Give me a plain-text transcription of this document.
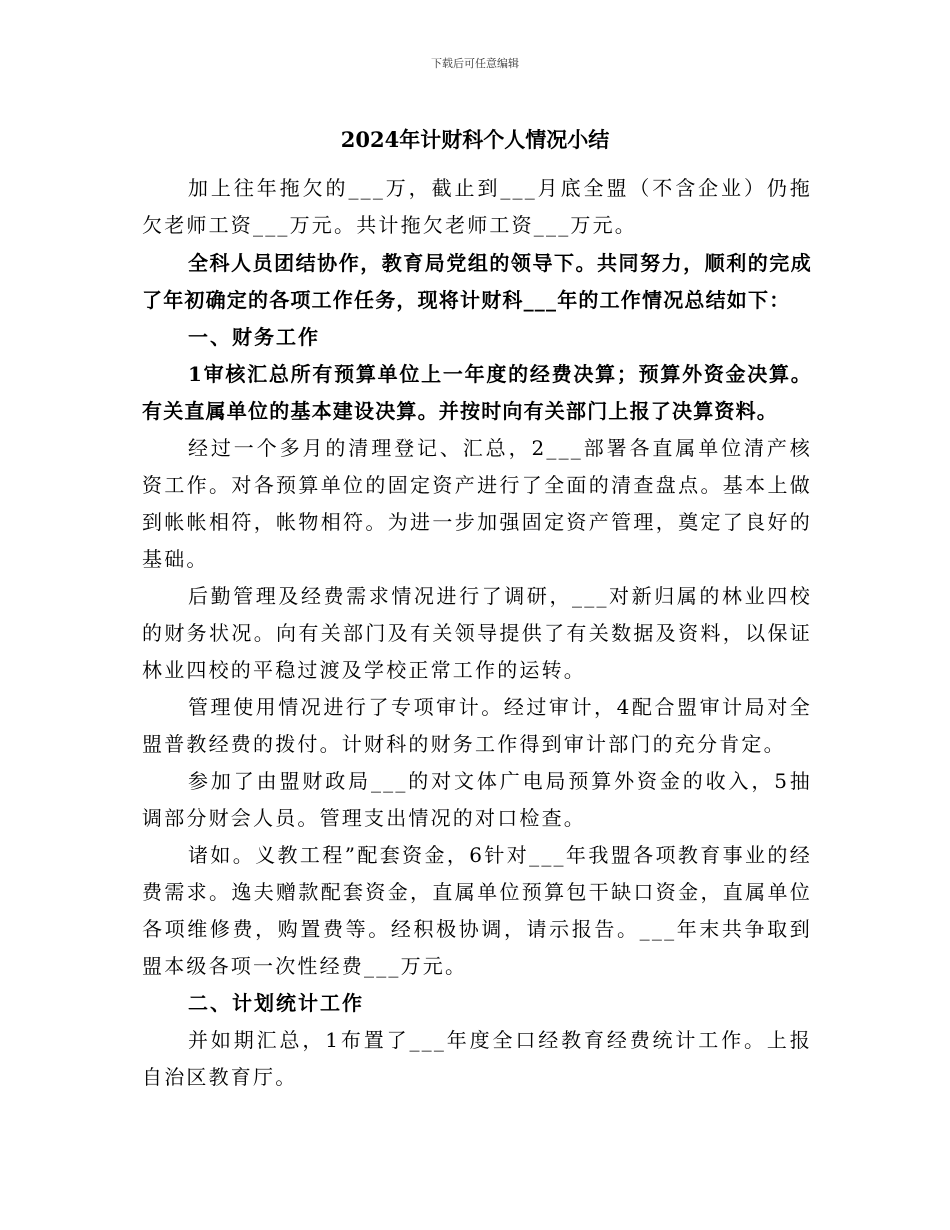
下载后可任意编辑
2024年计财科个人情况小结

加上往年拖欠的___万，截止到___月底全盟（不含企业）仍拖欠老师工资___万元。共计拖欠老师工资___万元。

全科人员团结协作，教育局党组的领导下。共同努力，顺利的完成了年初确定的各项工作任务，现将计财科___年的工作情况总结如下：

一、财务工作

1审核汇总所有预算单位上一年度的经费决算；预算外资金决算。有关直属单位的基本建设决算。并按时向有关部门上报了决算资料。

经过一个多月的清理登记、汇总，2___部署各直属单位清产核资工作。对各预算单位的固定资产进行了全面的清查盘点。基本上做到帐帐相符，帐物相符。为进一步加强固定资产管理，奠定了良好的基础。

后勤管理及经费需求情况进行了调研，___对新归属的林业四校的财务状况。向有关部门及有关领导提供了有关数据及资料，以保证林业四校的平稳过渡及学校正常工作的运转。

管理使用情况进行了专项审计。经过审计，4配合盟审计局对全盟普教经费的拨付。计财科的财务工作得到审计部门的充分肯定。

参加了由盟财政局___的对文体广电局预算外资金的收入，5抽调部分财会人员。管理支出情况的对口检查。

诸如。义教工程”配套资金，6针对___年我盟各项教育事业的经费需求。逸夫赠款配套资金，直属单位预算包干缺口资金，直属单位各项维修费，购置费等。经积极协调，请示报告。___年末共争取到盟本级各项一次性经费___万元。

二、计划统计工作

并如期汇总，1布置了___年度全口经教育经费统计工作。上报自治区教育厅。
